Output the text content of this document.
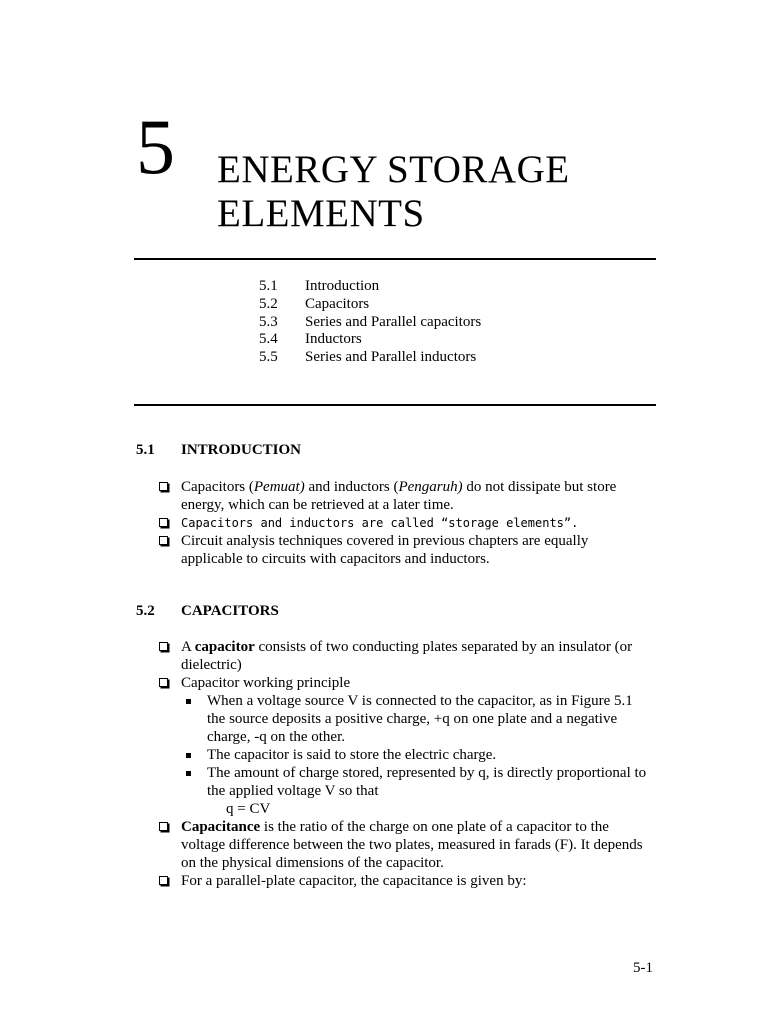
5 ENERGY STORAGE
ELEMENTS
5.1	Introduction
5.2	Capacitors
5.3	Series and Parallel capacitors
5.4	Inductors
5.5	Series and Parallel inductors
5.1	INTRODUCTION
Capacitors (Pemuat) and inductors (Pengaruh) do not dissipate but store
energy, which can be retrieved at a later time.
Capacitors and inductors are called “storage elements”.
Circuit analysis techniques covered in previous chapters are equally
applicable to circuits with capacitors and inductors.
5.2	CAPACITORS
A capacitor consists of two conducting plates separated by an insulator (or
dielectric)
Capacitor working principle
When a voltage source V is connected to the capacitor, as in Figure 5.1
the source deposits a positive charge, +q on one plate and a negative
charge, -q on the other.
The capacitor is said to store the electric charge.
The amount of charge stored, represented by q, is directly proportional to
the applied voltage V so that
q = CV
Capacitance is the ratio of the charge on one plate of a capacitor to the
voltage difference between the two plates, measured in farads (F). It depends
on the physical dimensions of the capacitor.
For a parallel-plate capacitor, the capacitance is given by:
5-1
